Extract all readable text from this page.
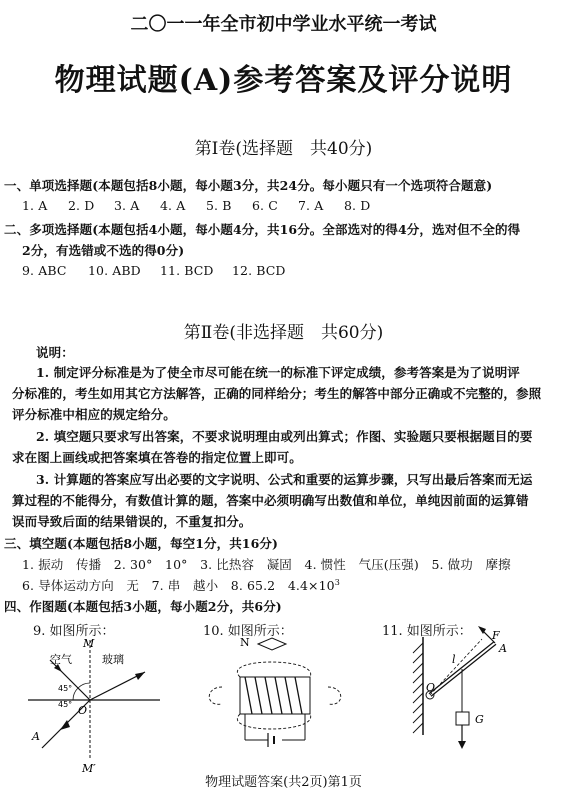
二〇一一年全市初中学业水平统一考试
物理试题(A)参考答案及评分说明
第Ⅰ卷(选择题　共40分)
一、单项选择题(本题包括8小题，每小题3分，共24分。每小题只有一个选项符合题意)
1. A 2. D 3. A 4. A 5. B 6. C 7. A 8. D
二、多项选择题(本题包括4小题，每小题4分，共16分。全部选对的得4分，选对但不全的得
2分，有选错或不选的得0分)
9. ABC 10. ABD 11. BCD 12. BCD
第Ⅱ卷(非选择题　共60分)
说明：
1. 制定评分标准是为了使全市尽可能在统一的标准下评定成绩，参考答案是为了说明评
分标准的，考生如用其它方法解答，正确的同样给分；考生的解答中部分正确或不完整的，参照
评分标准中相应的规定给分。
2. 填空题只要求写出答案，不要求说明理由或列出算式；作图、实验题只要根据题目的要
求在图上画线或把答案填在答卷的指定位置上即可。
3. 计算题的答案应写出必要的文字说明、公式和重要的运算步骤，只写出最后答案而无运
算过程的不能得分，有数值计算的题，答案中必须明确写出数值和单位，单纯因前面的运算错
误而导致后面的结果错误的，不重复扣分。
三、填空题(本题包括8小题，每空1分，共16分)
1. 振动　传播　2. 30°　10°　3. 比热容　凝固　4. 惯性　气压(压强)　5. 做功　摩擦
6. 导体运动方向　无　7. 串　越小　8. 65.2　$4.4\times 10^3$
四、作图题(本题包括3小题，每小题2分，共6分)
9. 如图所示：	10. 如图所示：	11. 如图所示：
M
M′
空气	玻璃
45°
45° O
A
N
F
A
l
O
G
物理试题答案(共2页)第1页
